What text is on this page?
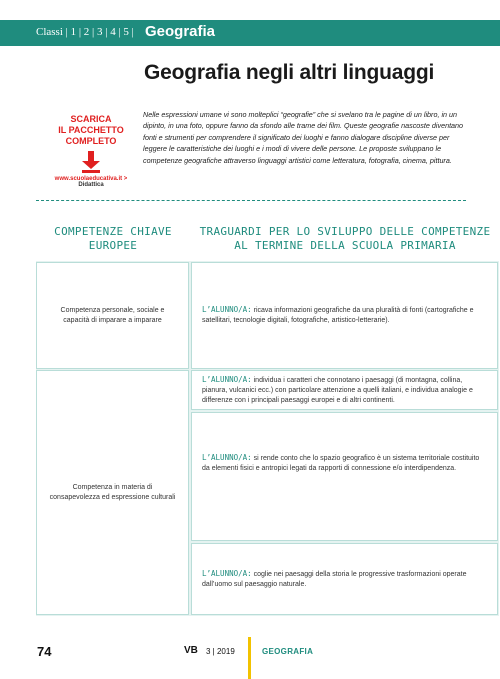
Classi | 1 | 2 | 3 | 4 | 5 | Geografia
Geografia negli altri linguaggi
SCARICA
IL PACCHETTO
COMPLETO
www.scuolaeducativa.it >
Didattica

Nelle espressioni umane vi sono molteplici “geografie” che si svelano tra le pagine di un libro, in un dipinto, in una foto, oppure fanno da sfondo alle trame dei film. Queste geografie nascoste diventano fonti e strumenti per comprendere il significato dei luoghi e fanno dialogare discipline diverse per leggere le caratteristiche dei luoghi e i modi di vivere delle persone. Le proposte sviluppano le competenze geografiche attraverso linguaggi artistici come letteratura, fotografia, cinema, pittura.

COMPETENZE CHIAVE EUROPEE
TRAGUARDI PER LO SVILUPPO DELLE COMPETENZE AL TERMINE DELLA SCUOLA PRIMARIA
Competenza personale, sociale e capacità di imparare a imparare
Competenza in materia di consapevolezza ed espressione culturali

L’ALUNNO/A: ricava informazioni geografiche da una pluralità di fonti (cartografiche e satellitari, tecnologie digitali, fotografiche, artistico-letterarie).

L’ALUNNO/A: individua i caratteri che connotano i paesaggi (di montagna, collina, pianura, vulcanici ecc.) con particolare attenzione a quelli italiani, e individua analogie e differenze con i principali paesaggi europei e di altri continenti.

L’ALUNNO/A: si rende conto che lo spazio geografico è un sistema territoriale costituito da elementi fisici e antropici legati da rapporti di connessione e/o interdipendenza.

L’ALUNNO/A: coglie nei paesaggi della storia le progressive trasformazioni operate dall’uomo sul paesaggio naturale.

74	VB 3 | 2019	GEOGRAFIA
